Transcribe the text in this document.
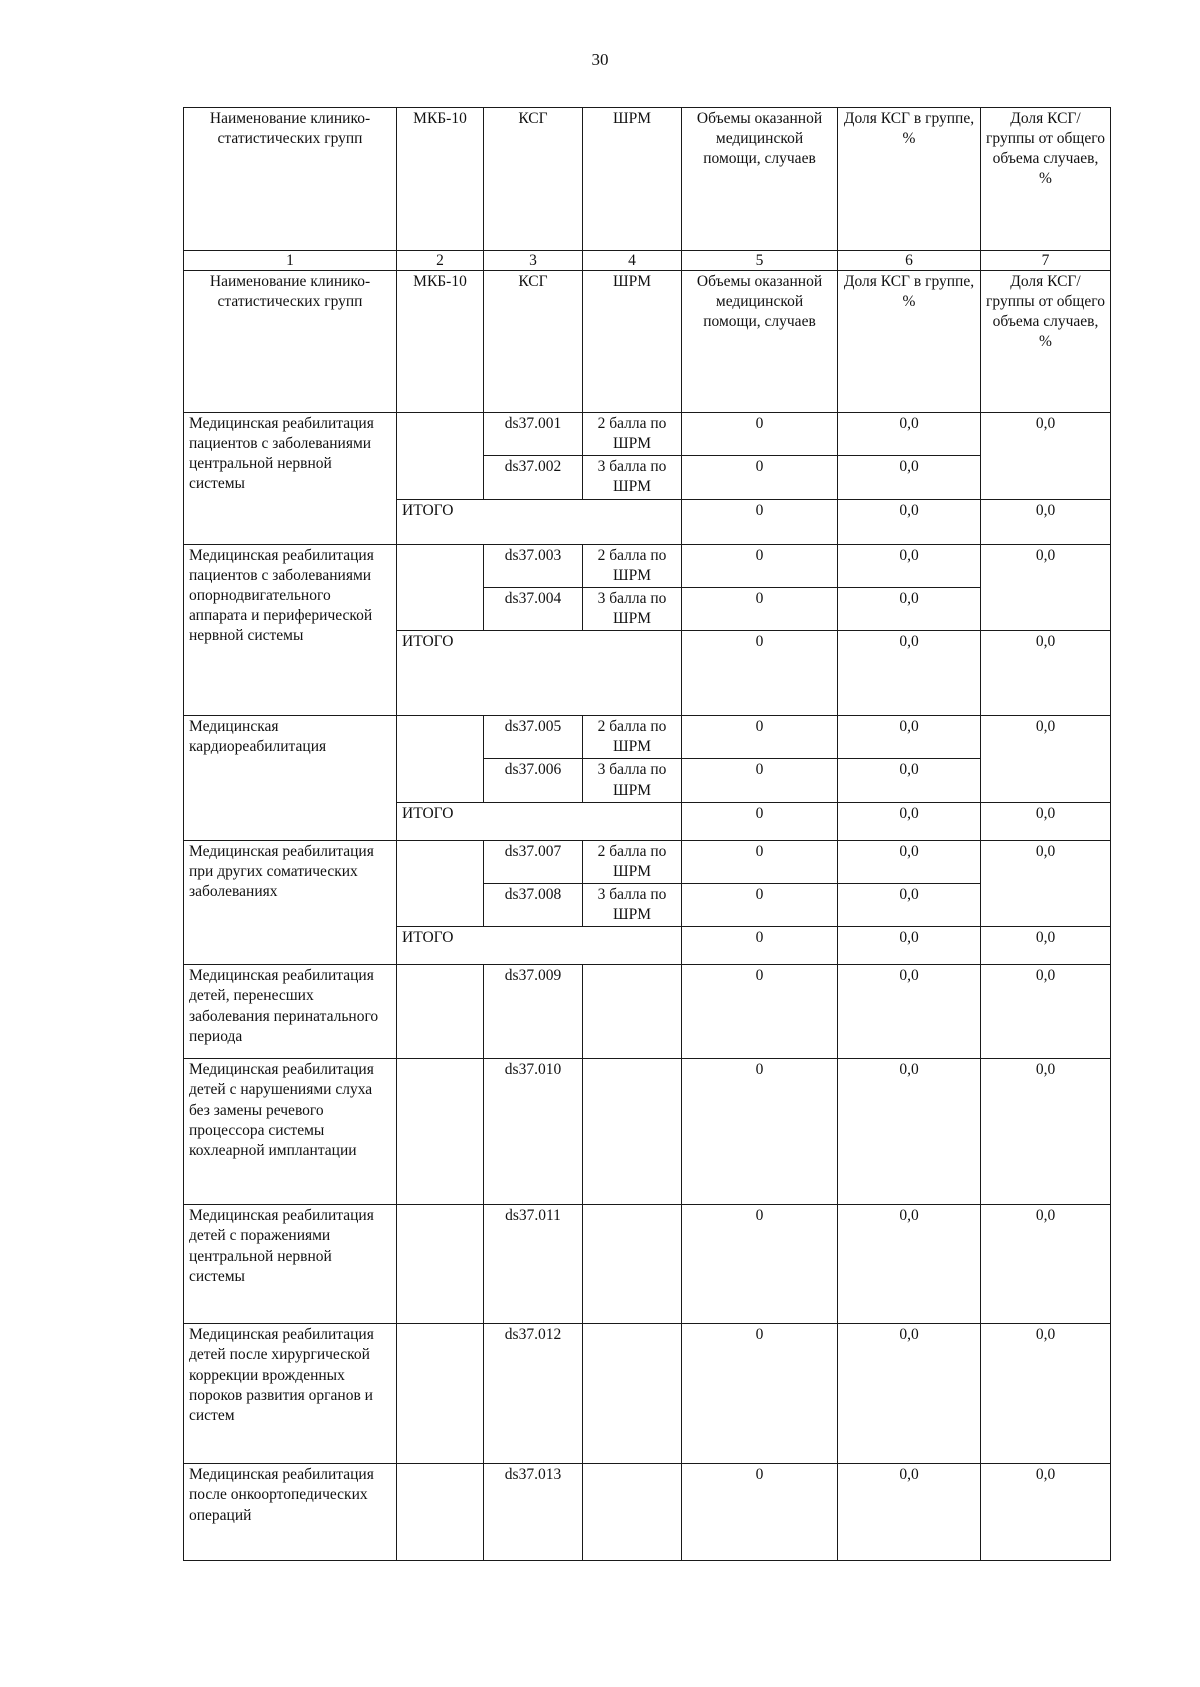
30
Наименование клинико-статистических групп	МКБ-10	КСГ	ШРМ	Объемы оказанной медицинской помощи, случаев	Доля КСГ в группе, %	Доля КСГ/группы от общего объема случаев, %
1	2	3	4	5	6	7
Наименование клинико-статистических групп	МКБ-10	КСГ	ШРМ	Объемы оказанной медицинской помощи, случаев	Доля КСГ в группе, %	Доля КСГ/группы от общего объема случаев, %
Медицинская реабилитация пациентов с заболеваниями центральной нервной системы		ds37.001	2 балла по ШРМ	0	0,0	0,0
		ds37.002	3 балла по ШРМ	0	0,0	
	ИТОГО			0	0,0	0,0
Медицинская реабилитация пациентов с заболеваниями опорнодвигательного аппарата и периферической нервной системы		ds37.003	2 балла по ШРМ	0	0,0	0,0
		ds37.004	3 балла по ШРМ	0	0,0	
	ИТОГО			0	0,0	0,0
Медицинская кардиореабилитация		ds37.005	2 балла по ШРМ	0	0,0	0,0
		ds37.006	3 балла по ШРМ	0	0,0	
	ИТОГО			0	0,0	0,0
Медицинская реабилитация при других соматических заболеваниях		ds37.007	2 балла по ШРМ	0	0,0	0,0
		ds37.008	3 балла по ШРМ	0	0,0	
	ИТОГО			0	0,0	0,0
Медицинская реабилитация детей, перенесших заболевания перинатального периода		ds37.009		0	0,0	0,0
Медицинская реабилитация детей с нарушениями слуха без замены речевого процессора системы кохлеарной имплантации		ds37.010		0	0,0	0,0
Медицинская реабилитация детей с поражениями центральной нервной системы		ds37.011		0	0,0	0,0
Медицинская реабилитация детей после хирургической коррекции врожденных пороков развития органов и систем		ds37.012		0	0,0	0,0
Медицинская реабилитация после онкоортопедических операций		ds37.013		0	0,0	0,0
